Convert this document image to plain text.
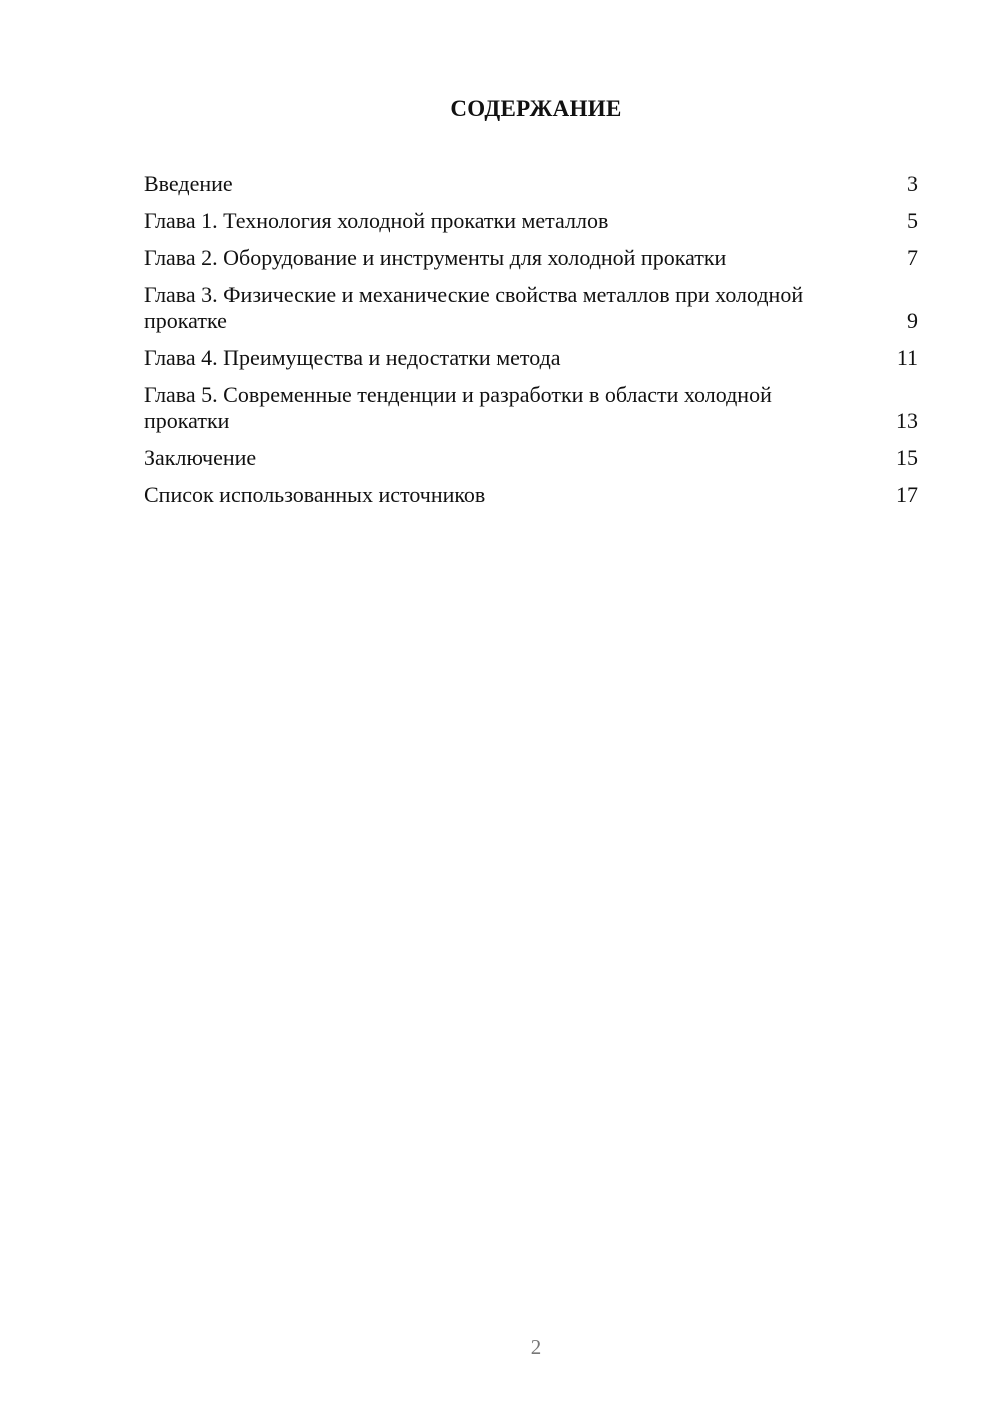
СОДЕРЖАНИЕ
Введение	3
Глава 1. Технология холодной прокатки металлов	5
Глава 2. Оборудование и инструменты для холодной прокатки	7
Глава 3. Физические и механические свойства металлов при холодной прокатке	9
Глава 4. Преимущества и недостатки метода	11
Глава 5. Современные тенденции и разработки в области холодной прокатки	13
Заключение	15
Список использованных источников	17
2
